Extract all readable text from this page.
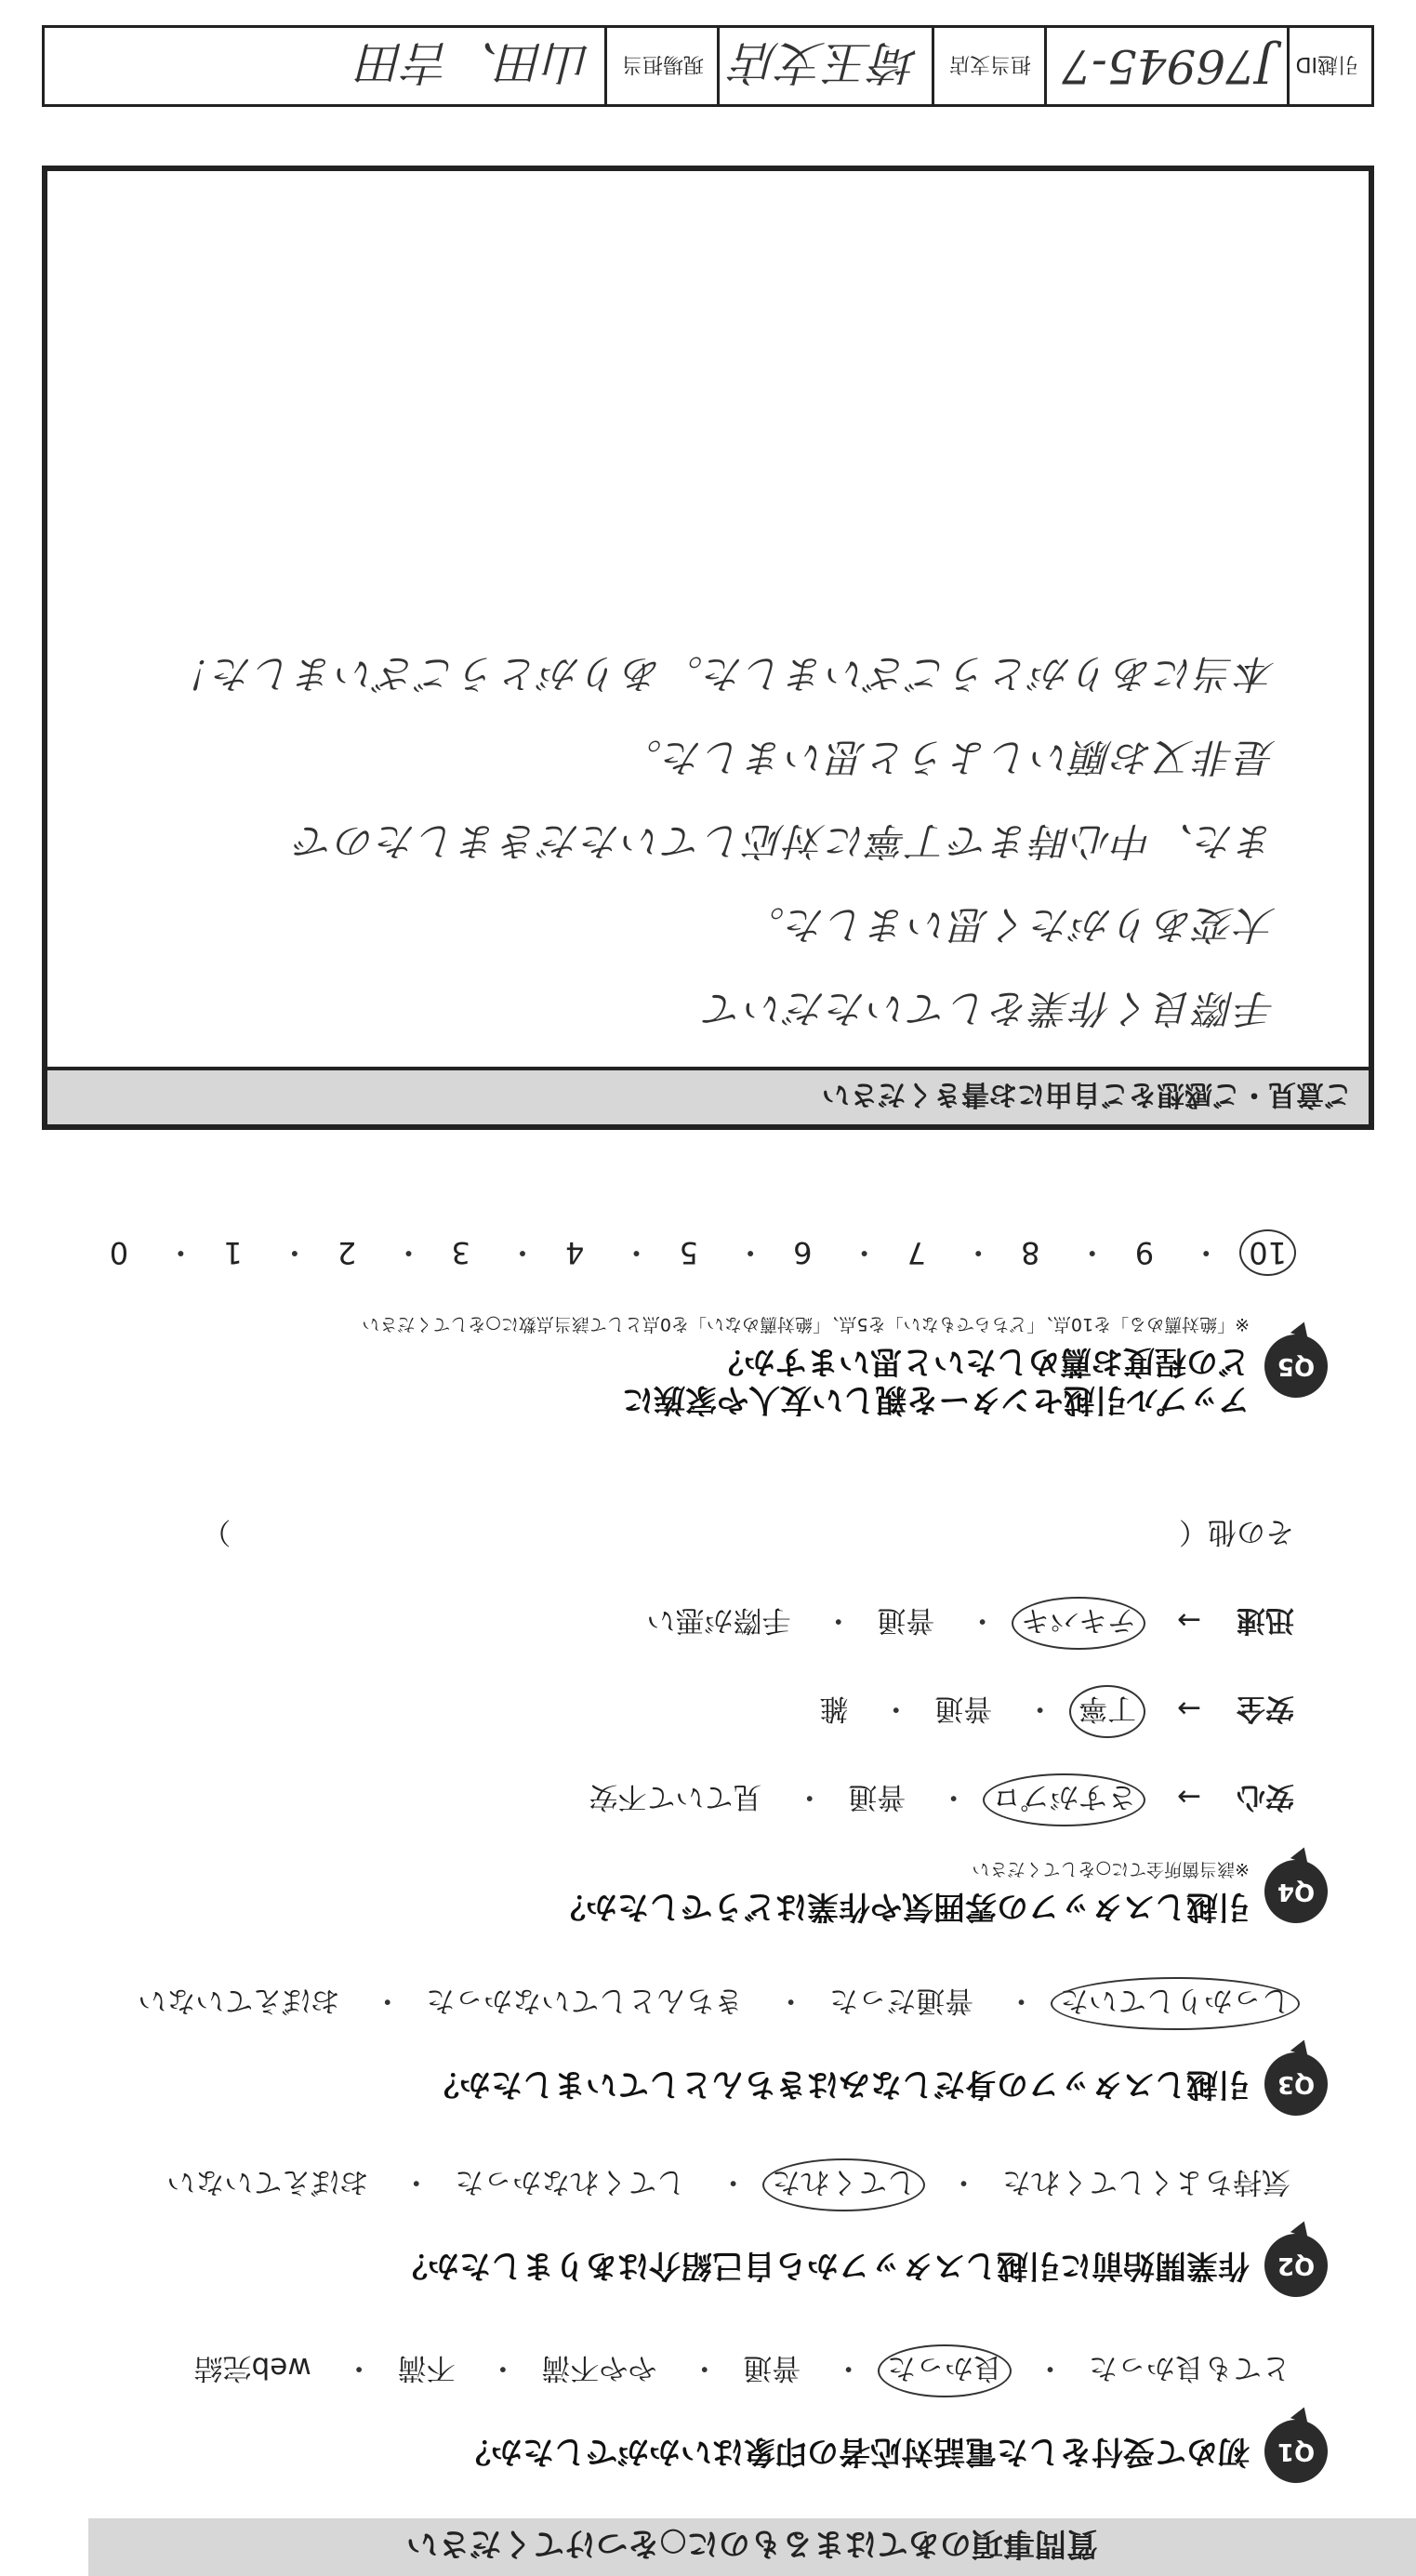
質問事項のあてはまるものに○をつけてください
Q1
初めて受付をした電話対応者の印象はいかがでしたか？
とても良かった・ 良かった・ 普通・ やや不満・ 不満・ web完結
Q2
作業開始前に引越しスタッフから自己紹介はありましたか？
気持ちよくしてくれた・ してくれた・ してくれなかった・ おぼえていない
Q3
引越しスタッフの身だしなみはきちんとしていましたか？
しっかりしていた・ 普通だった・ きちんとしていなかった・ おぼえていない
Q4
引越しスタッフの雰囲気や作業はどうでしたか？
※該当箇所全てに○をしてください
安心→ さすがプロ・ 普通・ 見ていて不安
安全→ 丁寧・ 普通・ 雑
迅速→ テキパキ・ 普通・ 手際が悪い
その他（  ）
Q5
アップル引越センターを親しい友人や家族に
どの程度お薦めしたいと思いますか？
※「絶対薦める」を10点、「どちらでもない」を5点、「絶対薦めない」を0点として該当点数に○をしてください
10・ 9・ 8・ 7・ 6・ 5・ 4・ 3・ 2・ 1・ 0
ご意見・ご感想をご自由にお書きください
手際良く作業をしていただいて
大変ありがたく思いました。
また、中心時まで丁寧に対応していただきましたので
是非又お願いしようと思いました。
本当にありがとうございました。ありがとうございました！
引越ID
J76945-7
担当支店
埼玉支店
現場担当
山田、吉田
